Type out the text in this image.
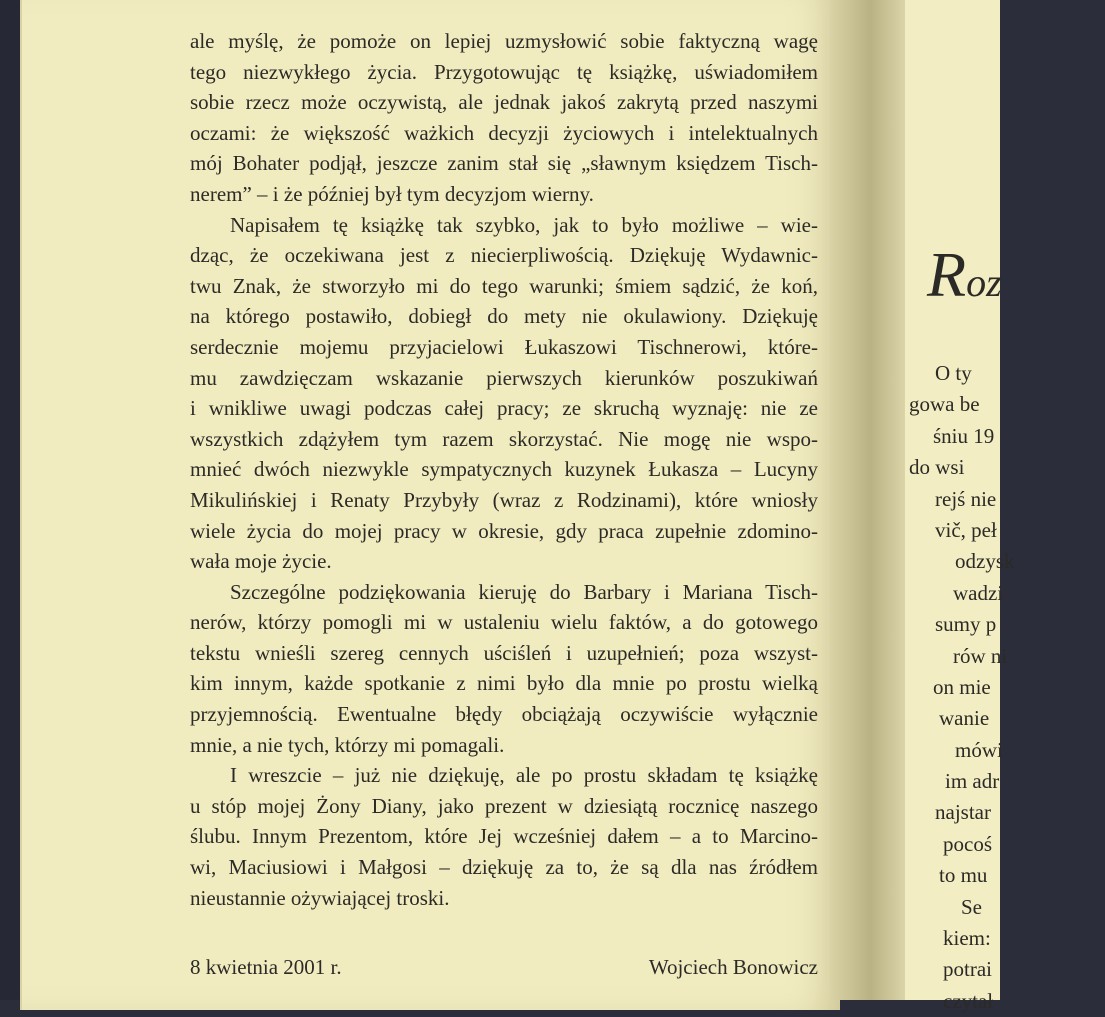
ale myślę, że pomoże on lepiej uzmysłowić sobie faktyczną wagę
tego niezwykłego życia. Przygotowując tę książkę, uświadomiłem
sobie rzecz może oczywistą, ale jednak jakoś zakrytą przed naszymi
oczami: że większość ważkich decyzji życiowych i intelektualnych
mój Bohater podjął, jeszcze zanim stał się „sławnym księdzem Tisch-
nerem” – i że później był tym decyzjom wierny.
Napisałem tę książkę tak szybko, jak to było możliwe – wie-
dząc, że oczekiwana jest z niecierpliwością. Dziękuję Wydawnic-
twu Znak, że stworzyło mi do tego warunki; śmiem sądzić, że koń,
na którego postawiło, dobiegł do mety nie okulawiony. Dziękuję
serdecznie mojemu przyjacielowi Łukaszowi Tischnerowi, które-
mu zawdzięczam wskazanie pierwszych kierunków poszukiwań
i wnikliwe uwagi podczas całej pracy; ze skruchą wyznaję: nie ze
wszystkich zdążyłem tym razem skorzystać. Nie mogę nie wspo-
mnieć dwóch niezwykle sympatycznych kuzynek Łukasza – Lucyny
Mikulińskiej i Renaty Przybyły (wraz z Rodzinami), które wniosły
wiele życia do mojej pracy w okresie, gdy praca zupełnie zdomino-
wała moje życie.
Szczególne podziękowania kieruję do Barbary i Mariana Tisch-
nerów, którzy pomogli mi w ustaleniu wielu faktów, a do gotowego
tekstu wnieśli szereg cennych uściśleń i uzupełnień; poza wszyst-
kim innym, każde spotkanie z nimi było dla mnie po prostu wielką
przyjemnością. Ewentualne błędy obciążają oczywiście wyłącznie
mnie, a nie tych, którzy mi pomagali.
I wreszcie – już nie dziękuję, ale po prostu składam tę książkę
u stóp mojej Żony Diany, jako prezent w dziesiątą rocznicę naszego
ślubu. Innym Prezentom, które Jej wcześniej dałem – a to Marcino-
wi, Maciusiowi i Małgosi – dziękuję za to, że są dla nas źródłem
nieustannie ożywiającej troski.
8 kwietnia 2001 r.	Wojciech Bonowicz
Roz
O ty
gowa be
śniu 19
do wsi
rejś nie
vič, peł
odzysk
wadzi
sumy p
rów ni
on mie
wanie
mówi
im adr
najstar
pocoś
to mu
Se
kiem:
potrai
czytał
